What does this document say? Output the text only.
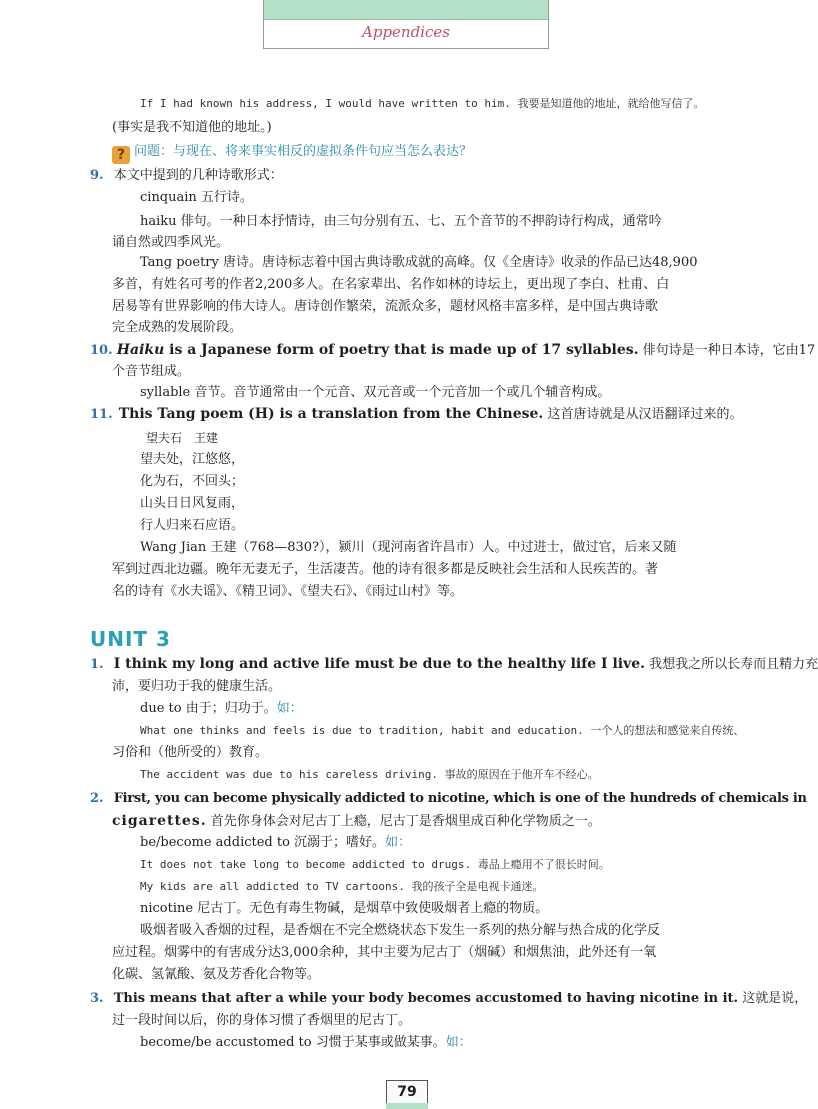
Appendices
If I had known his address, I would have written to him. 我要是知道他的地址，就给他写信了。
(事实是我不知道他的地址。)
? 问题：与现在、将来事实相反的虚拟条件句应当怎么表达？
9. 本文中提到的几种诗歌形式：
cinquain 五行诗。
haiku 俳句。一种日本抒情诗，由三句分别有五、七、五个音节的不押韵诗行构成，通常吟
诵自然或四季风光。
Tang poetry 唐诗。唐诗标志着中国古典诗歌成就的高峰。仅《全唐诗》收录的作品已达48,900
多首，有姓名可考的作者2,200多人。在名家辈出、名作如林的诗坛上，更出现了李白、杜甫、白
居易等有世界影响的伟大诗人。唐诗创作繁荣，流派众多，题材风格丰富多样，是中国古典诗歌
完全成熟的发展阶段。
10. Haiku is a Japanese form of poetry that is made up of 17 syllables. 俳句诗是一种日本诗，它由17
个音节组成。
syllable 音节。音节通常由一个元音、双元音或一个元音加一个或几个辅音构成。
11. This Tang poem (H) is a translation from the Chinese. 这首唐诗就是从汉语翻译过来的。
望夫石　王建
望夫处，江悠悠，
化为石，不回头；
山头日日风复雨，
行人归来石应语。
Wang Jian 王建（768—830?），颍川（现河南省许昌市）人。中过进士，做过官，后来又随
军到过西北边疆。晚年无妻无子，生活凄苦。他的诗有很多都是反映社会生活和人民疾苦的。著
名的诗有《水夫谣》、《精卫词》、《望夫石》、《雨过山村》等。
UNIT 3
1. I think my long and active life must be due to the healthy life I live. 我想我之所以长寿而且精力充
沛，要归功于我的健康生活。
due to 由于；归功于。如：
What one thinks and feels is due to tradition, habit and education. 一个人的想法和感觉来自传统、
习俗和（他所受的）教育。
The accident was due to his careless driving. 事故的原因在于他开车不经心。
2. First, you can become physically addicted to nicotine, which is one of the hundreds of chemicals in
cigarettes. 首先你身体会对尼古丁上瘾，尼古丁是香烟里成百种化学物质之一。
be/become addicted to 沉溺于；嗜好。如：
It does not take long to become addicted to drugs. 毒品上瘾用不了很长时间。
My kids are all addicted to TV cartoons. 我的孩子全是电视卡通迷。
nicotine 尼古丁。无色有毒生物碱，是烟草中致使吸烟者上瘾的物质。
吸烟者吸入香烟的过程，是香烟在不完全燃烧状态下发生一系列的热分解与热合成的化学反
应过程。烟雾中的有害成分达3,000余种，其中主要为尼古丁（烟碱）和烟焦油，此外还有一氧
化碳、氢氰酸、氨及芳香化合物等。
3. This means that after a while your body becomes accustomed to having nicotine in it. 这就是说，
过一段时间以后，你的身体习惯了香烟里的尼古丁。
become/be accustomed to 习惯于某事或做某事。如：
79
